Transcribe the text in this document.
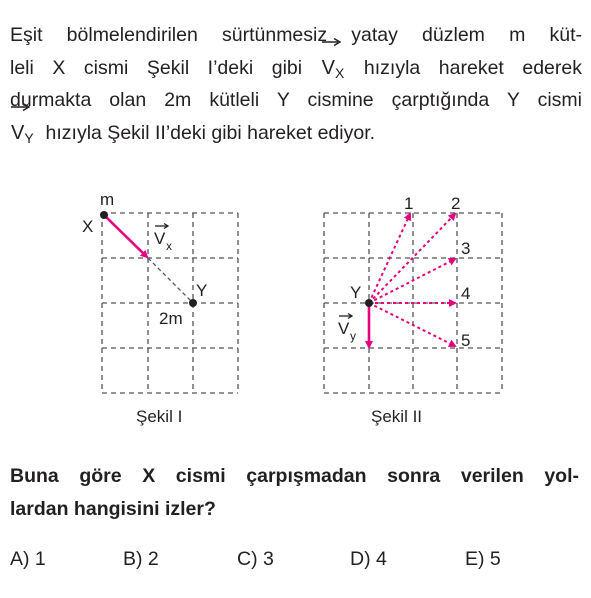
Eşit bölmelendirilen sürtünmesiz yatay düzlem m küt-
leli X cismi Şekil I’deki gibi $V_X$ hızıyla hareket ederek
durmakta olan 2m kütleli Y cismine çarptığında Y cismi
$V_Y$ hızıyla Şekil II’deki gibi hareket ediyor.
m
X
Y
2m
V x
Şekil I
Y
1 2
3
4
5
V y
Şekil II
Buna göre X cismi çarpışmadan sonra verilen yol-
lardan hangisini izler?
A) 1	B) 2	C) 3	D) 4	E) 5
